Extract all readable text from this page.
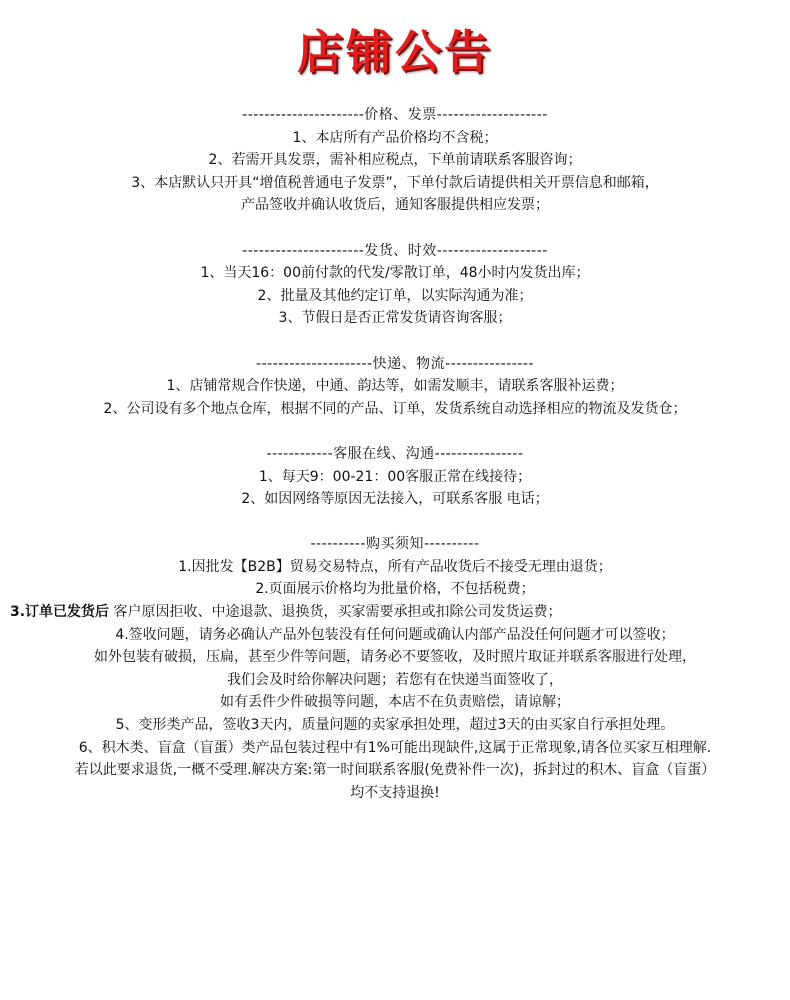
店铺公告
----------------------价格、发票--------------------
1、本店所有产品价格均不含税；
2、若需开具发票，需补相应税点，下单前请联系客服咨询；
3、本店默认只开具“增值税普通电子发票”，下单付款后请提供相关开票信息和邮箱，
产品签收并确认收货后，通知客服提供相应发票；
----------------------发货、时效--------------------
1、当天16：00前付款的代发/零散订单，48小时内发货出库；
2、批量及其他约定订单，以实际沟通为准；
3、节假日是否正常发货请咨询客服；
---------------------快递、物流----------------
1、店铺常规合作快递，中通、韵达等，如需发顺丰，请联系客服补运费；
2、公司设有多个地点仓库，根据不同的产品、订单，发货系统自动选择相应的物流及发货仓；
------------客服在线、沟通----------------
1、每天9：00-21：00客服正常在线接待；
2、如因网络等原因无法接入，可联系客服 电话；
----------购买须知----------
1.因批发【B2B】贸易交易特点，所有产品收货后不接受无理由退货；
2.页面展示价格均为批量价格，不包括税费；
3.订单已发货后 客户原因拒收、中途退款、退换货，买家需要承担或扣除公司发货运费；
4.签收问题，请务必确认产品外包装没有任何问题或确认内部产品没任何问题才可以签收；
如外包装有破损，压扁，甚至少件等问题，请务必不要签收，及时照片取证并联系客服进行处理，
我们会及时给你解决问题；若您有在快递当面签收了，
如有丢件少件破损等问题，本店不在负责赔偿，请谅解；
5、变形类产品，签收3天内，质量问题的卖家承担处理，超过3天的由买家自行承担处理。
6、积木类、盲盒（盲蛋）类产品包装过程中有1%可能出现缺件,这属于正常现象,请各位买家互相理解.
若以此要求退货,一概不受理.解决方案:第一时间联系客服(免费补件一次)，拆封过的积木、盲盒（盲蛋）
均不支持退换!
